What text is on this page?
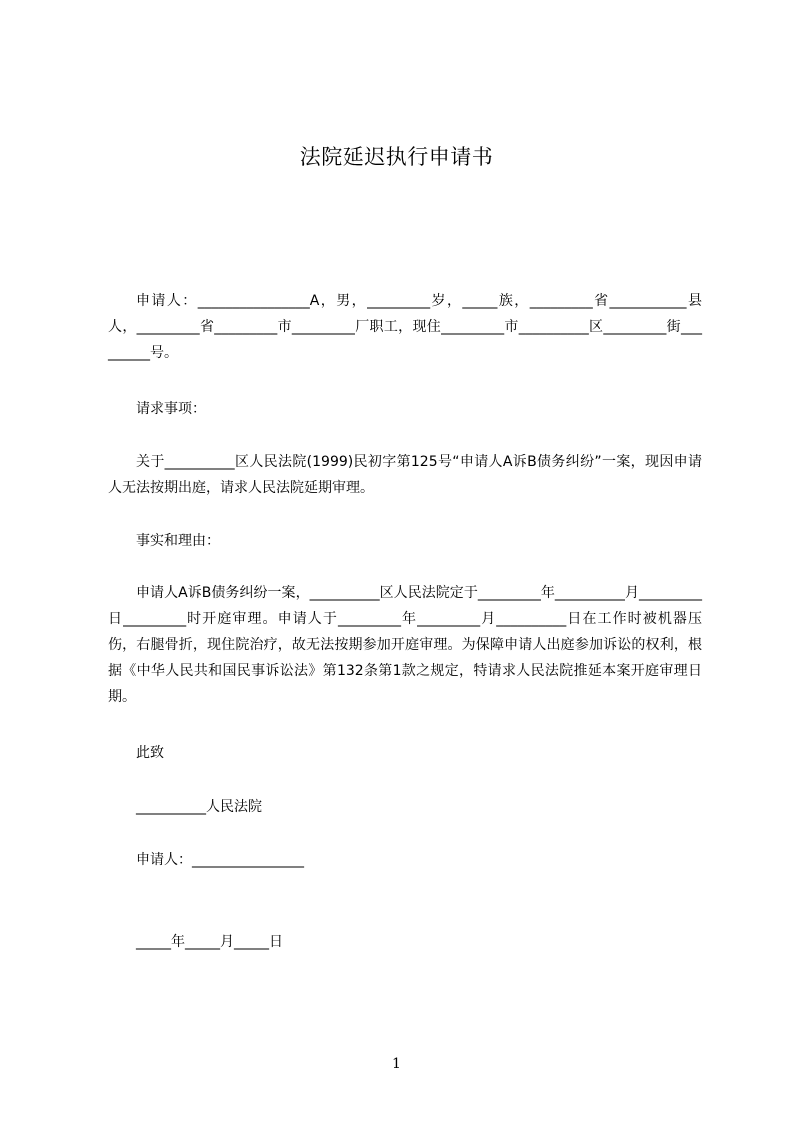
法院延迟执行申请书
申请人：________________A，男，_________岁，_____族，_________省___________县人，_________省_________市_________厂职工，现住_________市__________区_________街_________号。
请求事项：
关于__________区人民法院(1999)民初字第125号“申请人A诉B债务纠纷”一案，现因申请人无法按期出庭，请求人民法院延期审理。
事实和理由：
申请人A诉B债务纠纷一案，__________区人民法院定于_________年__________月_________日_________时开庭审理。申请人于_________年_________月__________日在工作时被机器压伤，右腿骨折，现住院治疗，故无法按期参加开庭审理。为保障申请人出庭参加诉讼的权利，根据《中华人民共和国民事诉讼法》第132条第1款之规定，特请求人民法院推延本案开庭审理日期。
此致
__________人民法院
申请人：________________
_____年_____月_____日
1
